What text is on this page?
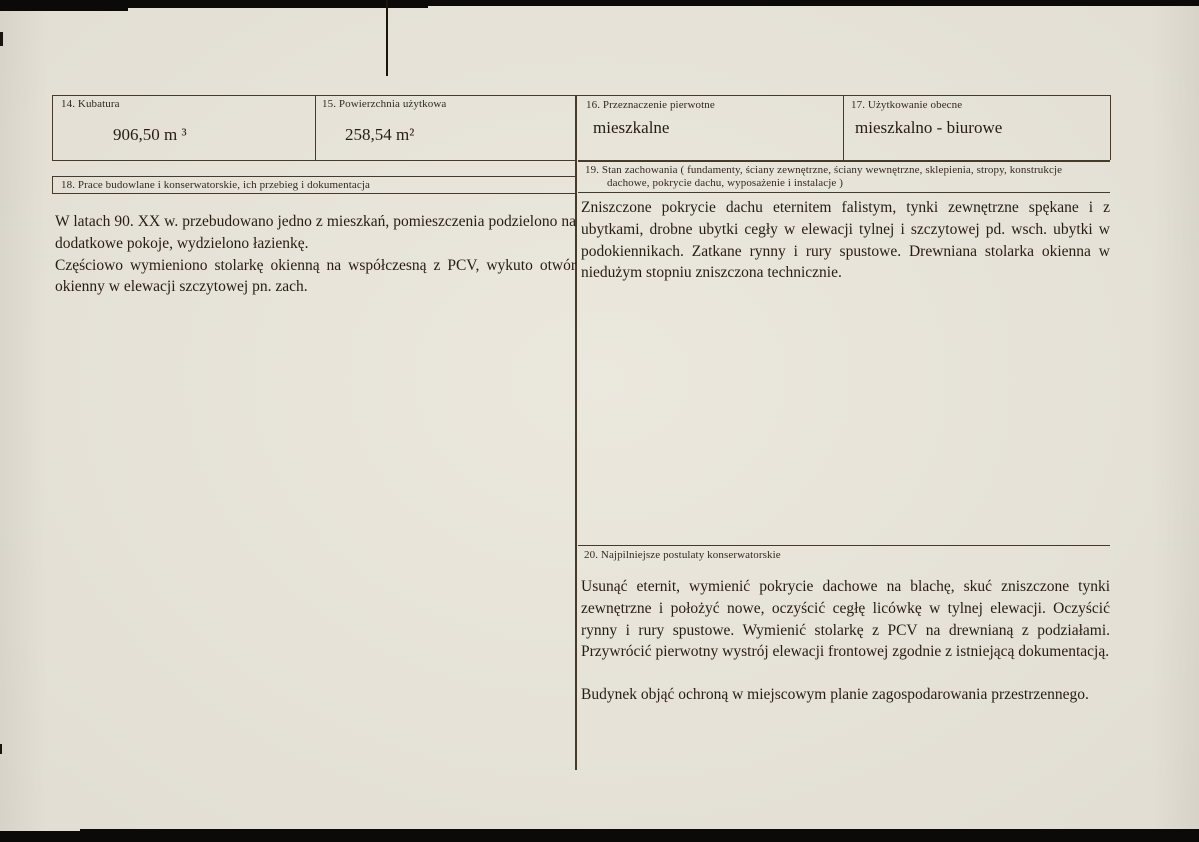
14. Kubatura
906,50 m ³
15. Powierzchnia użytkowa
258,54 m²
16. Przeznaczenie pierwotne
mieszkalne
17. Użytkowanie obecne
mieszkalno - biurowe
18. Prace budowlane i konserwatorskie, ich przebieg i dokumentacja

W latach 90. XX w. przebudowano jedno z mieszkań, pomieszczenia podzielono na dodatkowe pokoje, wydzielono łazienkę.

Częściowo wymieniono stolarkę okienną na współczesną z PCV, wykuto otwór okienny w elewacji szczytowej pn. zach.

19. Stan zachowania ( fundamenty, ściany zewnętrzne, ściany wewnętrzne, sklepienia, stropy, konstrukcje
dachowe, pokrycie dachu, wyposażenie i instalacje )
Zniszczone pokrycie dachu eternitem falistym, tynki zewnętrzne spękane i z ubytkami, drobne ubytki cegły w elewacji tylnej i szczytowej pd. wsch. ubytki w podokiennikach. Zatkane rynny i rury spustowe. Drewniana stolarka okienna w niedużym stopniu zniszczona technicznie.
20. Najpilniejsze postulaty konserwatorskie

Usunąć eternit, wymienić pokrycie dachowe na blachę, skuć zniszczone tynki zewnętrzne i położyć nowe, oczyścić cegłę licówkę w tylnej elewacji. Oczyścić rynny i rury spustowe. Wymienić stolarkę z PCV na drewnianą z podziałami. Przywrócić pierwotny wystrój elewacji frontowej zgodnie z istniejącą dokumentacją.

Budynek objąć ochroną w miejscowym planie zagospodarowania przestrzennego.
